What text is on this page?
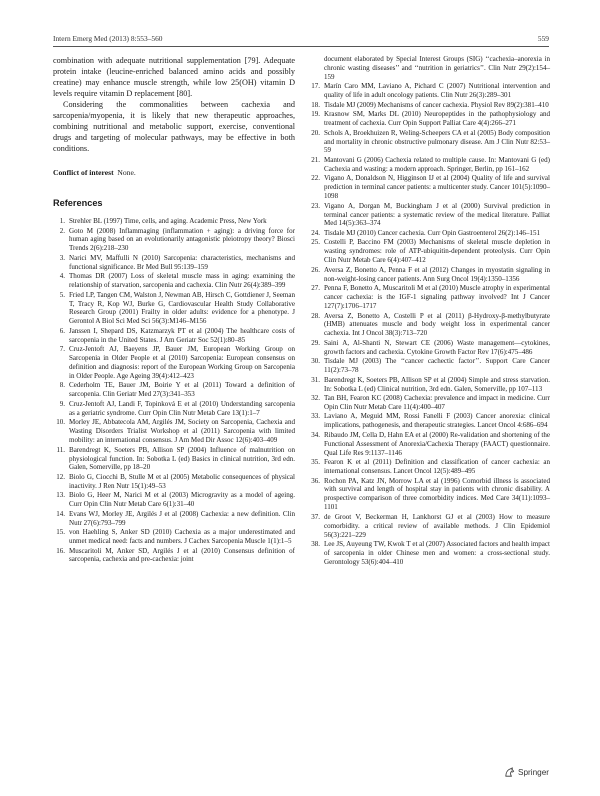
Intern Emerg Med (2013) 8:553–560	559

combination with adequate nutritional supplementation [79]. Adequate protein intake (leucine-enriched balanced amino acids and possibly creatine) may enhance muscle strength, while low 25(OH) vitamin D levels require vitamin D replacement [80].

Considering the commonalities between cachexia and sarcopenia/myopenia, it is likely that new therapeutic approaches, combining nutritional and metabolic support, exercise, conventional drugs and targeting of molecular pathways, may be effective in both conditions.

Conflict of interest None.
References
1. Strehler BL (1997) Time, cells, and aging. Academic Press, New York
2. Goto M (2008) Inflammaging (inflammation + aging): a driving force for human aging based on an evolutionarily antagonistic pleiotropy theory? Biosci Trends 2(6):218–230
3. Narici MV, Maffulli N (2010) Sarcopenia: characteristics, mechanisms and functional significance. Br Med Bull 95:139–159
4. Thomas DR (2007) Loss of skeletal muscle mass in aging: examining the relationship of starvation, sarcopenia and cachexia. Clin Nutr 26(4):389–399
5. Fried LP, Tangen CM, Walston J, Newman AB, Hirsch C, Gottdiener J, Seeman T, Tracy R, Kop WJ, Burke G, Cardiovascular Health Study Collaborative Research Group (2001) Frailty in older adults: evidence for a phenotype. J Gerontol A Biol Sci Med Sci 56(3):M146–M156
6. Janssen I, Shepard DS, Katzmarzyk PT et al (2004) The healthcare costs of sarcopenia in the United States. J Am Geriatr Soc 52(1):80–85
7. Cruz-Jentoft AJ, Baeyens JP, Bauer JM, European Working Group on Sarcopenia in Older People et al (2010) Sarcopenia: European consensus on definition and diagnosis: report of the European Working Group on Sarcopenia in Older People. Age Ageing 39(4):412–423
8. Cederholm TE, Bauer JM, Boirie Y et al (2011) Toward a definition of sarcopenia. Clin Geriatr Med 27(3):341–353
9. Cruz-Jentoft AJ, Landi F, Topinková E et al (2010) Understanding sarcopenia as a geriatric syndrome. Curr Opin Clin Nutr Metab Care 13(1):1–7
10. Morley JE, Abbatecola AM, Argilés JM, Society on Sarcopenia, Cachexia and Wasting Disorders Trialist Workshop et al (2011) Sarcopenia with limited mobility: an international consensus. J Am Med Dir Assoc 12(6):403–409
11. Barendregt K, Soeters PB, Allison SP (2004) Influence of malnutrition on physiological function. In: Sobotka L (ed) Basics in clinical nutrition, 3rd edn. Galen, Somerville, pp 18–20
12. Biolo G, Ciocchi B, Stulle M et al (2005) Metabolic consequences of physical inactivity. J Ren Nutr 15(1):49–53
13. Biolo G, Heer M, Narici M et al (2003) Microgravity as a model of ageing. Curr Opin Clin Nutr Metab Care 6(1):31–40
14. Evans WJ, Morley JE, Argilés J et al (2008) Cachexia: a new definition. Clin Nutr 27(6):793–799
15. von Haehling S, Anker SD (2010) Cachexia as a major underestimated and unmet medical need: facts and numbers. J Cachex Sarcopenia Muscle 1(1):1–5
16. Muscaritoli M, Anker SD, Argilés J et al (2010) Consensus definition of sarcopenia, cachexia and pre-cachexia: joint
document elaborated by Special Interest Groups (SIG) ‘‘cachexia–anorexia in chronic wasting diseases’’ and ‘‘nutrition in geriatrics’’. Clin Nutr 29(2):154–159
17. Marín Caro MM, Laviano A, Pichard C (2007) Nutritional intervention and quality of life in adult oncology patients. Clin Nutr 26(3):289–301
18. Tisdale MJ (2009) Mechanisms of cancer cachexia. Physiol Rev 89(2):381–410
19. Krasnow SM, Marks DL (2010) Neuropeptides in the pathophysiology and treatment of cachexia. Curr Opin Support Palliat Care 4(4):266–271
20. Schols A, Broekhuizen R, Weling-Scheepers CA et al (2005) Body composition and mortality in chronic obstructive pulmonary disease. Am J Clin Nutr 82:53–59
21. Mantovani G (2006) Cachexia related to multiple cause. In: Mantovani G (ed) Cachexia and wasting: a modern approach. Springer, Berlin, pp 161–162
22. Vigano A, Donaldson N, Higginson IJ et al (2004) Quality of life and survival prediction in terminal cancer patients: a multicenter study. Cancer 101(5):1090–1098
23. Vigano A, Dorgan M, Buckingham J et al (2000) Survival prediction in terminal cancer patients: a systematic review of the medical literature. Palliat Med 14(5):363–374
24. Tisdale MJ (2010) Cancer cachexia. Curr Opin Gastroenterol 26(2):146–151
25. Costelli P, Baccino FM (2003) Mechanisms of skeletal muscle depletion in wasting syndromes: role of ATP-ubiquitin-dependent proteolysis. Curr Opin Clin Nutr Metab Care 6(4):407–412
26. Aversa Z, Bonetto A, Penna F et al (2012) Changes in myostatin signaling in non-weight-losing cancer patients. Ann Surg Oncol 19(4):1350–1356
27. Penna F, Bonetto A, Muscaritoli M et al (2010) Muscle atrophy in experimental cancer cachexia: is the IGF-1 signaling pathway involved? Int J Cancer 127(7):1706–1717
28. Aversa Z, Bonetto A, Costelli P et al (2011) β-Hydroxy-β-methylbutyrate (HMB) attenuates muscle and body weight loss in experimental cancer cachexia. Int J Oncol 38(3):713–720
29. Saini A, Al-Shanti N, Stewart CE (2006) Waste management—cytokines, growth factors and cachexia. Cytokine Growth Factor Rev 17(6):475–486
30. Tisdale MJ (2003) The ‘‘cancer cachectic factor’’. Support Care Cancer 11(2):73–78
31. Barendregt K, Soeters PB, Allison SP et al (2004) Simple and stress starvation. In: Sobotka L (ed) Clinical nutrition, 3rd edn. Galen, Somerville, pp 107–113
32. Tan BH, Fearon KC (2008) Cachexia: prevalence and impact in medicine. Curr Opin Clin Nutr Metab Care 11(4):400–407
33. Laviano A, Meguid MM, Rossi Fanelli F (2003) Cancer anorexia: clinical implications, pathogenesis, and therapeutic strategies. Lancet Oncol 4:686–694
34. Ribaudo JM, Cella D, Hahn EA et al (2000) Re-validation and shortening of the Functional Assessment of Anorexia/Cachexia Therapy (FAACT) questionnaire. Qual Life Res 9:1137–1146
35. Fearon K et al (2011) Definition and classification of cancer cachexia: an international consensus. Lancet Oncol 12(5):489–495
36. Rochon PA, Katz JN, Morrow LA et al (1996) Comorbid illness is associated with survival and length of hospital stay in patients with chronic disability. A prospective comparison of three comorbidity indices. Med Care 34(11):1093–1101
37. de Groot V, Beckerman H, Lankhorst GJ et al (2003) How to measure comorbidity. a critical review of available methods. J Clin Epidemiol 56(3):221–229
38. Lee JS, Auyeung TW, Kwok T et al (2007) Associated factors and health impact of sarcopenia in older Chinese men and women: a cross-sectional study. Gerontology 53(6):404–410
Springer
